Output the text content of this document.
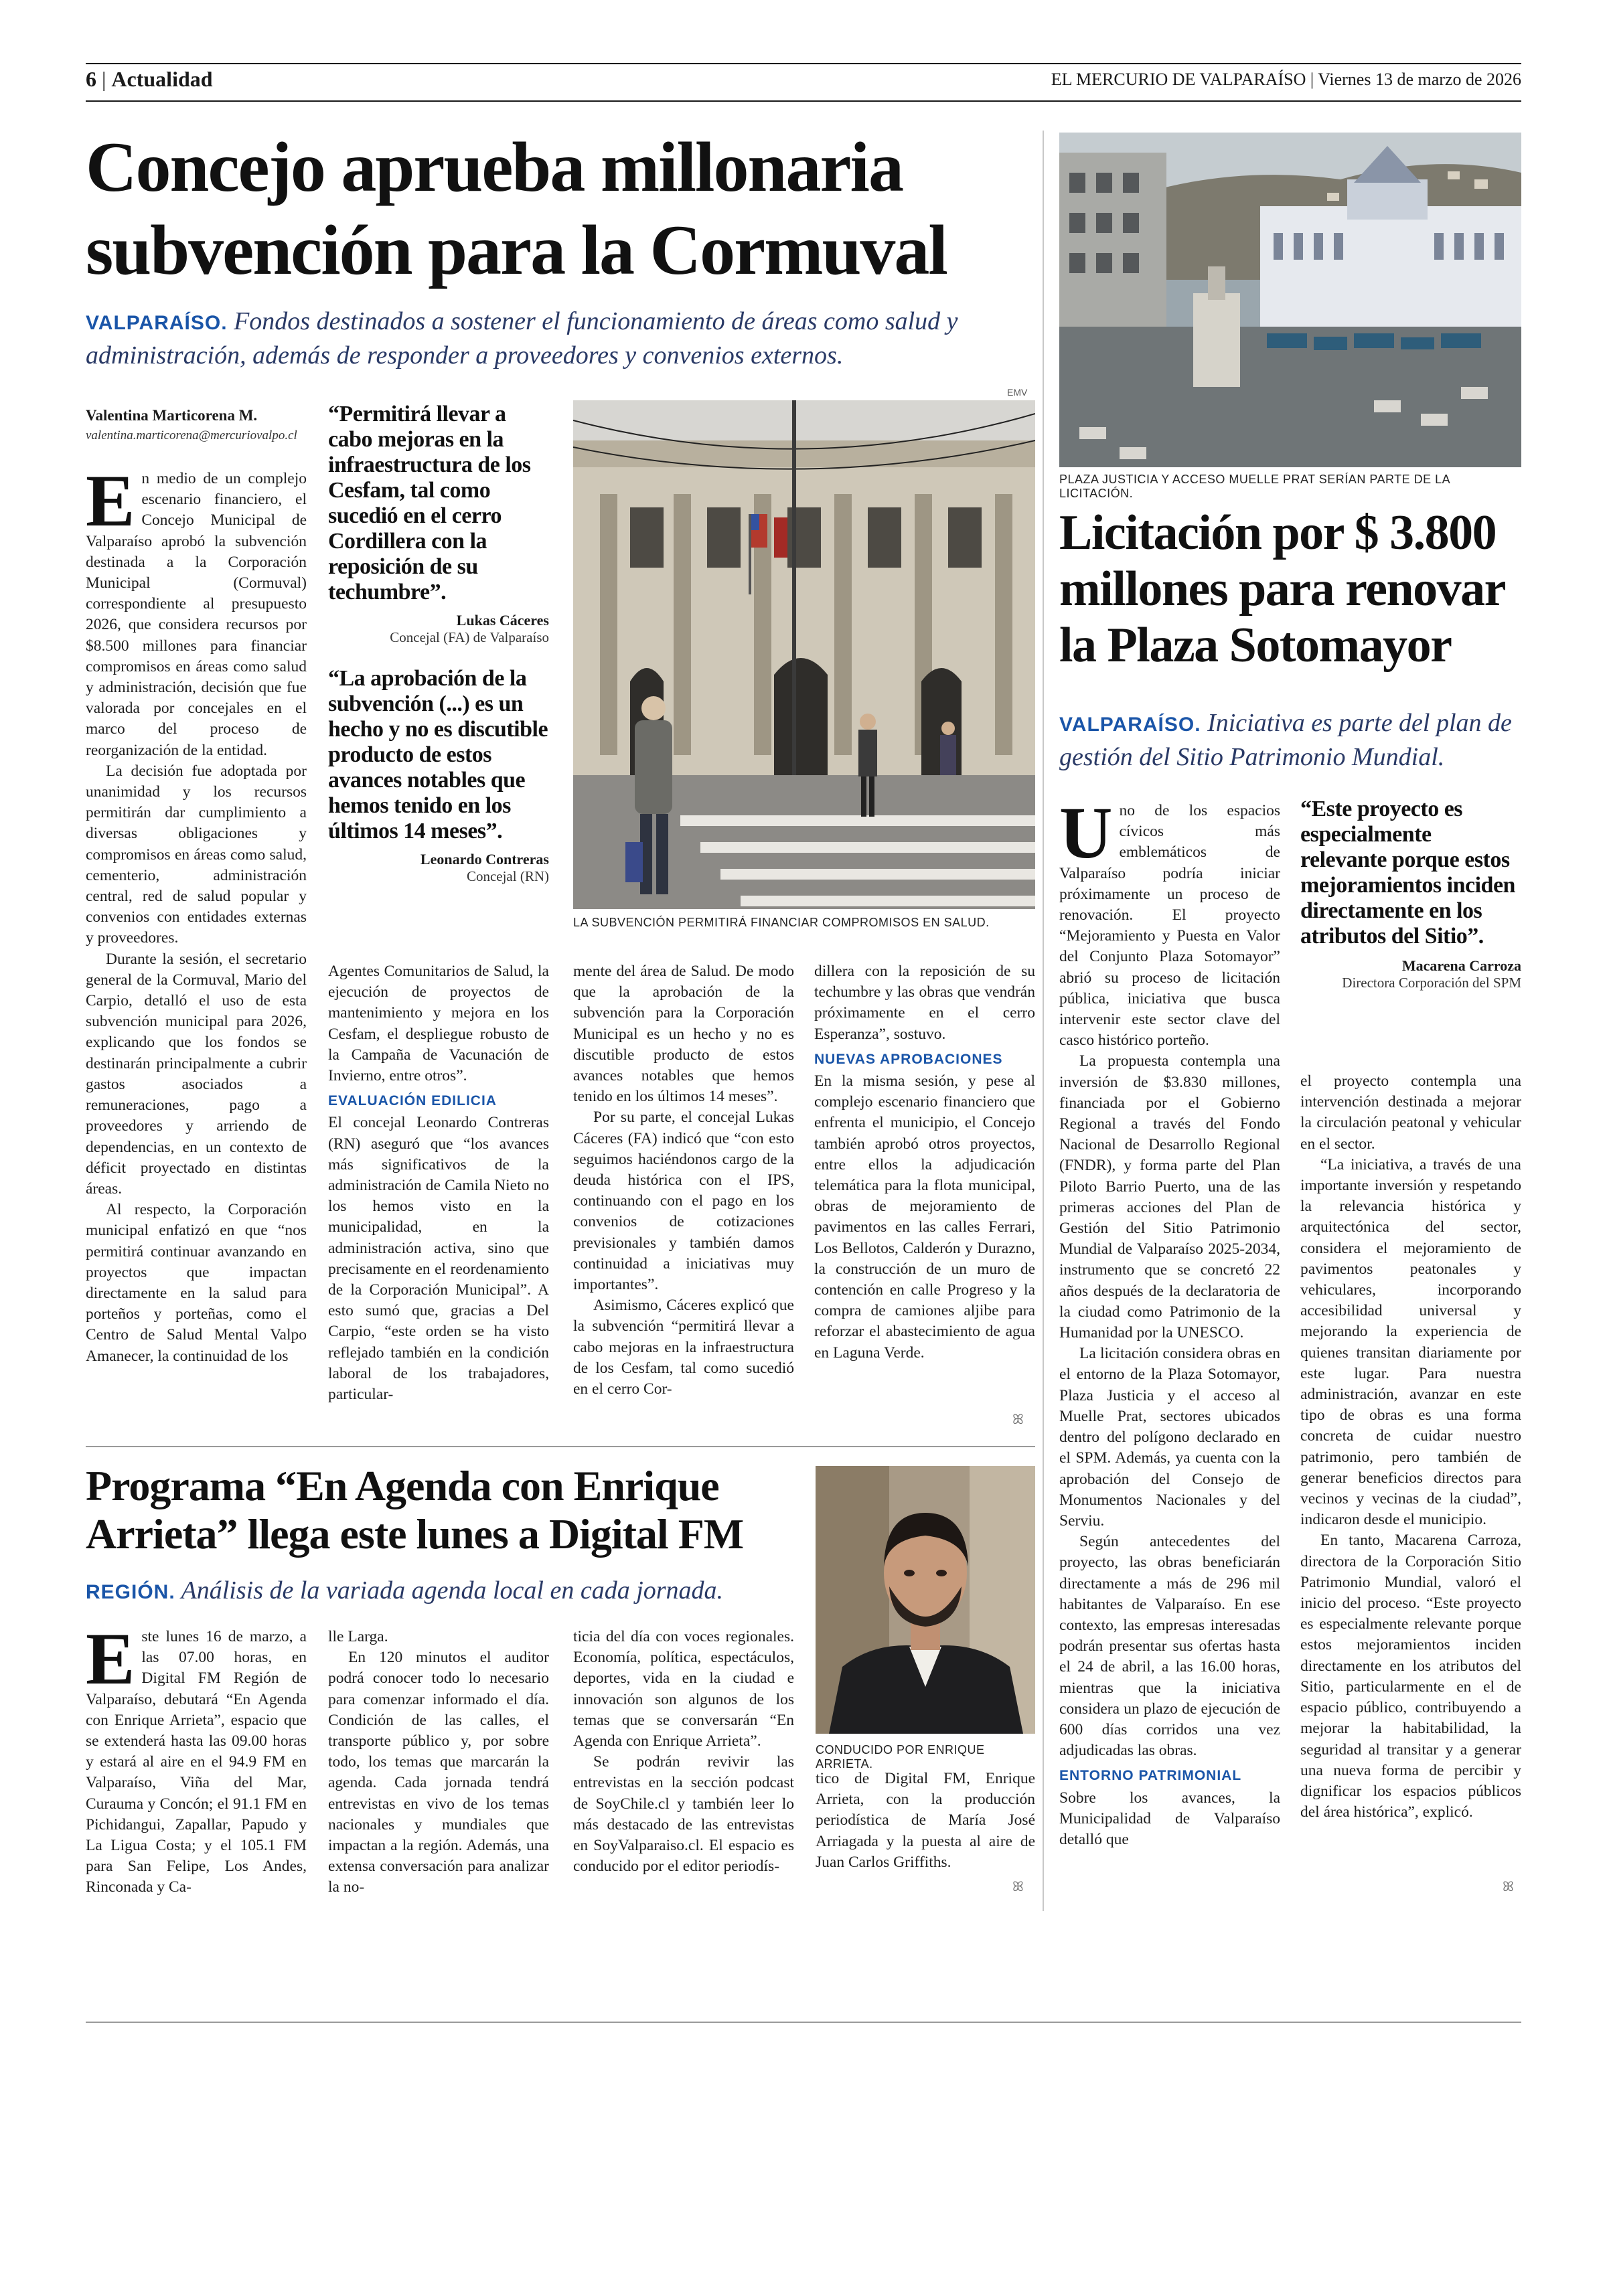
6 | Actualidad	EL MERCURIO DE VALPARAÍSO | Viernes 13 de marzo de 2026
Concejo aprueba millonaria
subvención para la Cormuval
VALPARAÍSO. Fondos destinados a sostener el funcionamiento de áreas como salud y administración, además de responder a proveedores y convenios externos.
Valentina Marticorena M.
valentina.marticorena@mercuriovalpo.cl
E n medio de un complejo escenario financiero, el Concejo Municipal de Valparaíso aprobó la subvención destinada a la Corporación Municipal (Cormuval) correspondiente al presupuesto 2026, que considera recursos por $8.500 millones para financiar compromisos en áreas como salud y administración, decisión que fue valorada por concejales en el marco del proceso de reorganización de la entidad.

La decisión fue adoptada por unanimidad y los recursos permitirán dar cumplimiento a diversas obligaciones y compromisos en áreas como salud, cementerio, administración central, red de salud popular y convenios con entidades externas y proveedores.

Durante la sesión, el secretario general de la Cormuval, Mario del Carpio, detalló el uso de esta subvención municipal para 2026, explicando que los fondos se destinarán principalmente a cubrir gastos asociados a remuneraciones, pago a proveedores y arriendo de dependencias, en un contexto de déficit proyectado en distintas áreas.

Al respecto, la Corporación municipal enfatizó en que “nos permitirá continuar avanzando en proyectos que impactan directamente en la salud para porteños y porteñas, como el Centro de Salud Mental Valpo Amanecer, la continuidad de los

“Permitirá llevar a cabo mejoras en la infraestructura de los Cesfam, tal como sucedió en el cerro Cordillera con la reposición de su techumbre”.
Lukas Cáceres
Concejal (FA) de Valparaíso
“La aprobación de la subvención (...) es un hecho y no es discutible producto de estos avances notables que hemos tenido en los últimos 14 meses”.
Leonardo Contreras
Concejal (RN)
EMV
LA SUBVENCIÓN PERMITIRÁ FINANCIAR COMPROMISOS EN SALUD.

Agentes Comunitarios de Salud, la ejecución de proyectos de mantenimiento y mejora en los Cesfam, el despliegue robusto de la Campaña de Vacunación de Invierno, entre otros”.

EVALUACIÓN EDILICIA

El concejal Leonardo Contreras (RN) aseguró que “los avances más significativos de la administración de Camila Nieto no los hemos visto en la municipalidad, en la administración activa, sino que precisamente en el reordenamiento de la Corporación Municipal”. A esto sumó que, gracias a Del Carpio, “este orden se ha visto reflejado también en la condición laboral de los trabajadores, particular-

mente del área de Salud. De modo que la aprobación de la subvención para la Corporación Municipal es un hecho y no es discutible producto de estos avances notables que hemos tenido en los últimos 14 meses”.

Por su parte, el concejal Lukas Cáceres (FA) indicó que “con esto seguimos haciéndonos cargo de la deuda histórica con el IPS, continuando con el pago en los convenios de cotizaciones previsionales y también damos continuidad a iniciativas muy importantes”.

Asimismo, Cáceres explicó que la subvención “permitirá llevar a cabo mejoras en la infraestructura de los Cesfam, tal como sucedió en el cerro Cor-

dillera con la reposición de su techumbre y las obras que vendrán próximamente en el cerro Esperanza”, sostuvo.

NUEVAS APROBACIONES

En la misma sesión, y pese al complejo escenario financiero que enfrenta el municipio, el Concejo también aprobó otros proyectos, entre ellos la adjudicación telemática para la flota municipal, obras de mejoramiento de pavimentos en las calles Ferrari, Los Bellotos, Calderón y Durazno, la construcción de un muro de contención en calle Progreso y la compra de camiones aljibe para reforzar el abastecimiento de agua en Laguna Verde.

ꕤ
Programa “En Agenda con Enrique
Arrieta” llega este lunes a Digital FM
REGIÓN. Análisis de la variada agenda local en cada jornada.
CONDUCIDO POR ENRIQUE ARRIETA.
E ste lunes 16 de marzo, a las 07.00 horas, en Digital FM Región de Valparaíso, debutará “En Agenda con Enrique Arrieta”, espacio que se extenderá hasta las 09.00 horas y estará al aire en el 94.9 FM en Valparaíso, Viña del Mar, Curauma y Concón; el 91.1 FM en Pichidangui, Zapallar, Papudo y La Ligua Costa; y el 105.1 FM para San Felipe, Los Andes, Rinconada y Ca-

lle Larga.

En 120 minutos el auditor podrá conocer todo lo necesario para comenzar informado el día. Condición de las calles, el transporte público y, por sobre todo, los temas que marcarán la agenda. Cada jornada tendrá entrevistas en vivo de los temas nacionales y mundiales que impactan a la región. Además, una extensa conversación para analizar la no-

ticia del día con voces regionales. Economía, política, espectáculos, deportes, vida en la ciudad e innovación son algunos de los temas que se conversarán “En Agenda con Enrique Arrieta”.

Se podrán revivir las entrevistas en la sección podcast de SoyChile.cl y también leer lo más destacado de las entrevistas en SoyValparaiso.cl. El espacio es conducido por el editor periodís-

tico de Digital FM, Enrique Arrieta, con la producción periodística de María José Arriagada y la puesta al aire de Juan Carlos Griffiths.

ꕤ
PLAZA JUSTICIA Y ACCESO MUELLE PRAT SERÍAN PARTE DE LA LICITACIÓN.
Licitación por $ 3.800
millones para renovar
la Plaza Sotomayor
VALPARAÍSO. Iniciativa es parte del plan de gestión del Sitio Patrimonio Mundial.
U no de los espacios cívicos más emblemáticos de Valparaíso podría iniciar próximamente un proceso de renovación. El proyecto “Mejoramiento y Puesta en Valor del Conjunto Plaza Sotomayor” abrió su proceso de licitación pública, iniciativa que busca intervenir este sector clave del casco histórico porteño.

La propuesta contempla una inversión de $3.830 millones, financiada por el Gobierno Regional a través del Fondo Nacional de Desarrollo Regional (FNDR), y forma parte del Plan Piloto Barrio Puerto, una de las primeras acciones del Plan de Gestión del Sitio Patrimonio Mundial de Valparaíso 2025-2034, instrumento que se concretó 22 años después de la declaratoria de la ciudad como Patrimonio de la Humanidad por la UNESCO.

La licitación considera obras en el entorno de la Plaza Sotomayor, Plaza Justicia y el acceso al Muelle Prat, sectores ubicados dentro del polígono declarado en el SPM. Además, ya cuenta con la aprobación del Consejo de Monumentos Nacionales y del Serviu.

Según antecedentes del proyecto, las obras beneficiarán directamente a más de 296 mil habitantes de Valparaíso. En ese contexto, las empresas interesadas podrán presentar sus ofertas hasta el 24 de abril, a las 16.00 horas, mientras que la iniciativa considera un plazo de ejecución de 600 días corridos una vez adjudicadas las obras.

ENTORNO PATRIMONIAL

Sobre los avances, la Municipalidad de Valparaíso detalló que

“Este proyecto es especialmente relevante porque estos mejoramientos inciden directamente en los atributos del Sitio”.
Macarena Carroza
Directora Corporación del SPM

el proyecto contempla una intervención destinada a mejorar la circulación peatonal y vehicular en el sector.

“La iniciativa, a través de una importante inversión y respetando la relevancia histórica y arquitectónica del sector, considera el mejoramiento de pavimentos peatonales y vehiculares, incorporando accesibilidad universal y mejorando la experiencia de quienes transitan diariamente por este lugar. Para nuestra administración, avanzar en este tipo de obras es una forma concreta de cuidar nuestro patrimonio, pero también de generar beneficios directos para vecinos y vecinas de la ciudad”, indicaron desde el municipio.

En tanto, Macarena Carroza, directora de la Corporación Sitio Patrimonio Mundial, valoró el inicio del proceso. “Este proyecto es especialmente relevante porque estos mejoramientos inciden directamente en los atributos del Sitio, particularmente en el de espacio público, contribuyendo a mejorar la habitabilidad, la seguridad al transitar y a generar una nueva forma de percibir y dignificar los espacios públicos del área histórica”, explicó.

ꕤ
